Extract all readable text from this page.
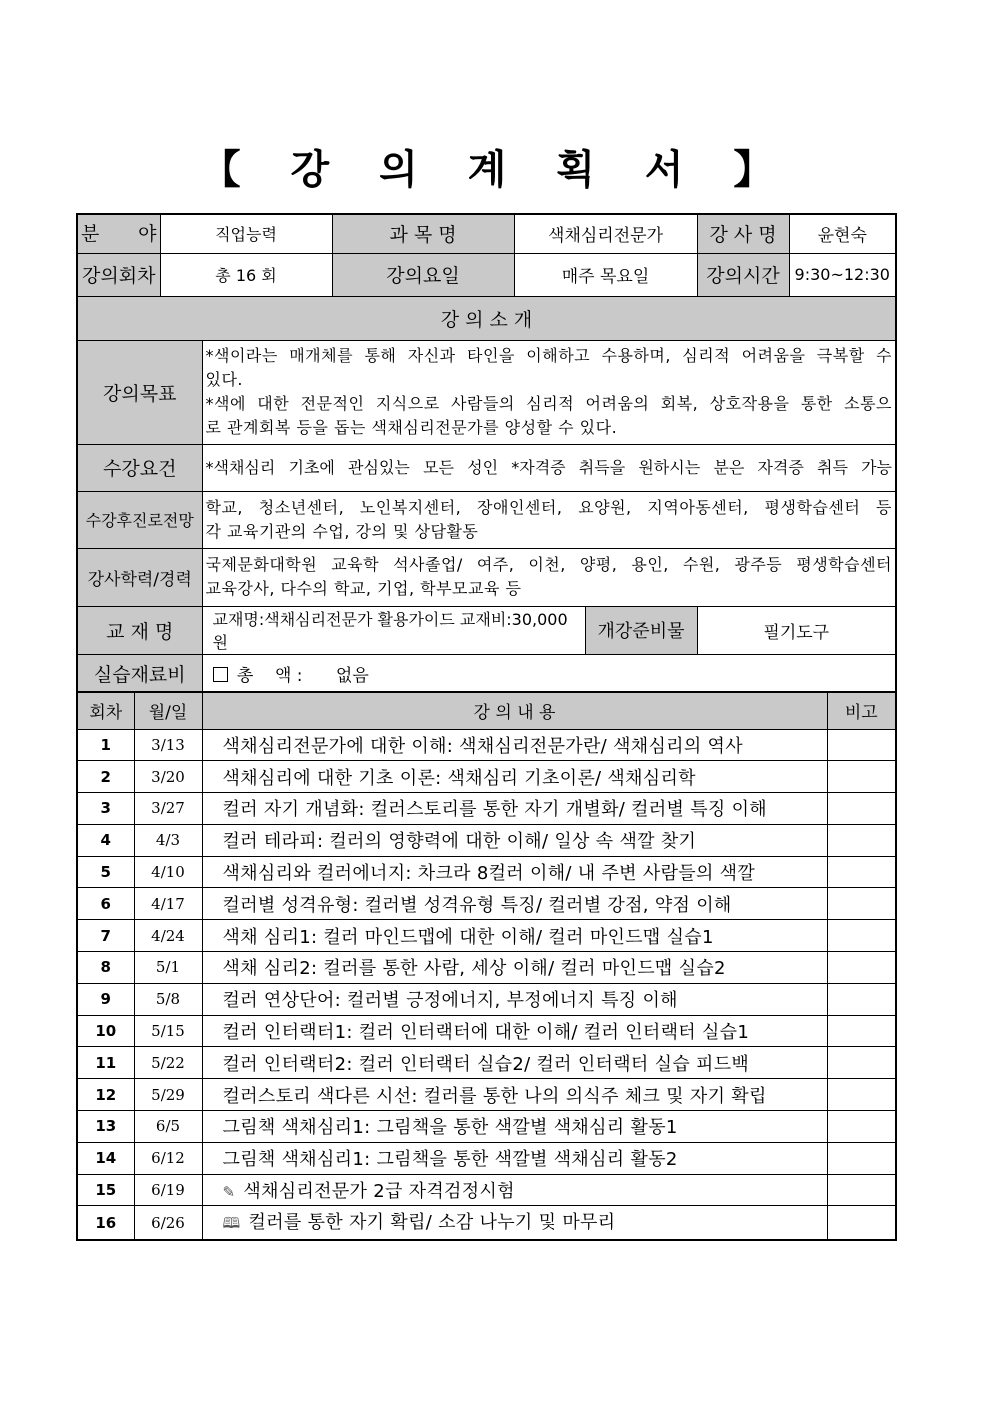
【 강 의 계 획 서 】
분 야	직업능력		과 목 명	색채심리전문가		강 사 명	윤현숙
강의회차	총 16 회		강의요일	매주 목요일		강의시간	9:30~12:30
강 의 소 개							
강의목표		*색이라는 매개체를 통해 자신과 타인을 이해하고 수용하며, 심리적 어려움을 극복할 수
있다.
*색에 대한 전문적인 지식으로 사람들의 심리적 어려움의 회복, 상호작용을 통한 소통으
로 관계회복 등을 돕는 색채심리전문가를 양성할 수 있다.					

수강요건		*색채심리 기초에 관심있는 모든 성인 *자격증 취득을 원하시는 분은 자격증 취득 가능					
수강후진로전망		학교, 청소년센터, 노인복지센터, 장애인센터, 요양원, 지역아동센터, 평생학습센터 등
각 교육기관의 수업, 강의 및 상담활동					

강사학력/경력		국제문화대학원 교육학 석사졸업/ 여주, 이천, 양평, 용인, 수원, 광주등 평생학습센터
교육강사, 다수의 학교, 기업, 학부모교육 등					

교 재 명		교재명:색채심리전문가 활용가이드 교재비:30,000 원			개강준비물	필기도구	
실습재료비		총    액 : 없음					
회차	월/일	강 의 내 용	비고
1	3/13	색채심리전문가에 대한 이해: 색채심리전문가란/ 색채심리의 역사	
2	3/20	색채심리에 대한 기초 이론: 색채심리 기초이론/ 색채심리학	
3	3/27	컬러 자기 개념화: 컬러스토리를 통한 자기 개별화/ 컬러별 특징 이해	
4	4/3	컬러 테라피: 컬러의 영향력에 대한 이해/ 일상 속 색깔 찾기	
5	4/10	색채심리와 컬러에너지: 차크라 8컬러 이해/ 내 주변 사람들의 색깔	
6	4/17	컬러별 성격유형: 컬러별 성격유형 특징/ 컬러별 강점, 약점 이해	
7	4/24	색채 심리1: 컬러 마인드맵에 대한 이해/ 컬러 마인드맵 실습1	
8	5/1	색채 심리2: 컬러를 통한 사람, 세상 이해/ 컬러 마인드맵 실습2	
9	5/8	컬러 연상단어: 컬러별 긍정에너지, 부정에너지 특징 이해	
10	5/15	컬러 인터랙터1: 컬러 인터랙터에 대한 이해/ 컬러 인터랙터 실습1	
11	5/22	컬러 인터랙터2: 컬러 인터랙터 실습2/ 컬러 인터랙터 실습 피드백	
12	5/29	컬러스토리 색다른 시선: 컬러를 통한 나의 의식주 체크 및 자기 확립	
13	6/5	그림책 색채심리1: 그림책을 통한 색깔별 색채심리 활동1	
14	6/12	그림책 색채심리1: 그림책을 통한 색깔별 색채심리 활동2	
15	6/19	✎ 색채심리전문가 2급 자격검정시험	
16	6/26	🕮 컬러를 통한 자기 확립/ 소감 나누기 및 마무리	
